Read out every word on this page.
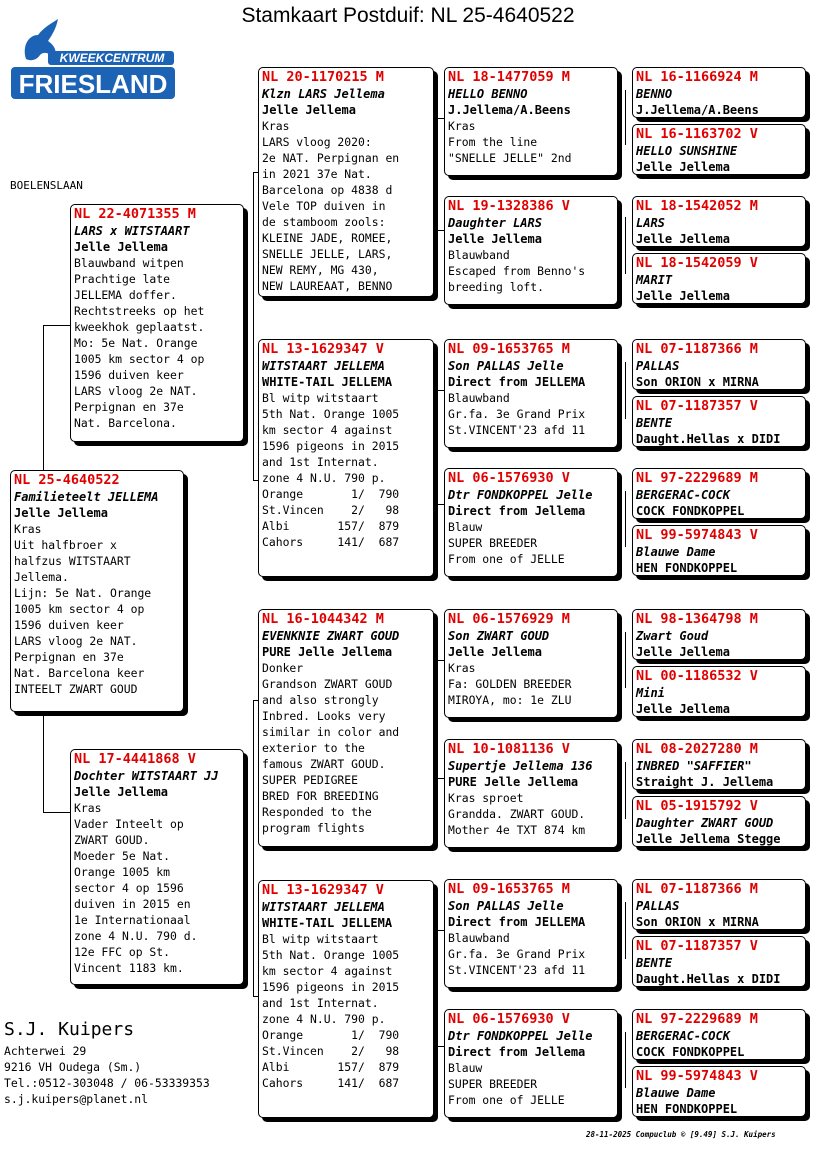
Stamkaart Postduif: NL 25-4640522
KWEEKCENTRUM
FRIESLAND
BOELENSLAAN
NL 25-4640522
Familieteelt JELLEMA
Jelle Jellema
Kras
Uit halfbroer x
halfzus WITSTAART
Jellema.
Lijn: 5e Nat. Orange
1005 km sector 4 op
1596 duiven keer
LARS vloog 2e NAT.
Perpignan en 37e
Nat. Barcelona keer
INTEELT ZWART GOUD
NL 22-4071355 M
LARS x WITSTAART
Jelle Jellema
Blauwband witpen
Prachtige late
JELLEMA doffer.
Rechtstreeks op het
kweekhok geplaatst.
Mo: 5e Nat. Orange
1005 km sector 4 op
1596 duiven keer
LARS vloog 2e NAT.
Perpignan en 37e
Nat. Barcelona.
NL 17-4441868 V
Dochter WITSTAART JJ
Jelle Jellema
Kras
Vader Inteelt op
ZWART GOUD.
Moeder 5e Nat.
Orange 1005 km
sector 4 op 1596
duiven in 2015 en
1e Internationaal
zone 4 N.U. 790 d.
12e FFC op St.
Vincent 1183 km.
NL 20-1170215 M
Klzn LARS Jellema
Jelle Jellema
Kras
LARS vloog 2020:
2e NAT. Perpignan en
in 2021 37e Nat.
Barcelona op 4838 d
Vele TOP duiven in
de stamboom zools:
KLEINE JADE, ROMEE,
SNELLE JELLE, LARS,
NEW REMY, MG 430,
NEW LAUREAAT, BENNO
NL 13-1629347 V
WITSTAART JELLEMA
WHITE-TAIL JELLEMA
Bl witp witstaart
5th Nat. Orange 1005
km sector 4 against
1596 pigeons in 2015
and 1st Internat.
zone 4 N.U. 790 p.
Orange       1/  790
St.Vincen    2/   98
Albi       157/  879
Cahors     141/  687
NL 16-1044342 M
EVENKNIE ZWART GOUD
PURE Jelle Jellema
Donker
Grandson ZWART GOUD
and also strongly
Inbred. Looks very
similar in color and
exterior to the
famous ZWART GOUD.
SUPER PEDIGREE
BRED FOR BREEDING
Responded to the
program flights
NL 13-1629347 V
WITSTAART JELLEMA
WHITE-TAIL JELLEMA
Bl witp witstaart
5th Nat. Orange 1005
km sector 4 against
1596 pigeons in 2015
and 1st Internat.
zone 4 N.U. 790 p.
Orange       1/  790
St.Vincen    2/   98
Albi       157/  879
Cahors     141/  687
NL 18-1477059 M
HELLO BENNO
J.Jellema/A.Beens
Kras
From the line
"SNELLE JELLE" 2nd
NL 19-1328386 V
Daughter LARS
Jelle Jellema
Blauwband
Escaped from Benno's
breeding loft.
NL 09-1653765 M
Son PALLAS Jelle
Direct from JELLEMA
Blauwband
Gr.fa. 3e Grand Prix
St.VINCENT'23 afd 11
NL 06-1576930 V
Dtr FONDKOPPEL Jelle
Direct from Jellema
Blauw
SUPER BREEDER
From one of JELLE
NL 06-1576929 M
Son ZWART GOUD
Jelle Jellema
Kras
Fa: GOLDEN BREEDER
MIROYA, mo: 1e ZLU
NL 10-1081136 V
Supertje Jellema 136
PURE Jelle Jellema
Kras sproet
Grandda. ZWART GOUD.
Mother 4e TXT 874 km
NL 09-1653765 M
Son PALLAS Jelle
Direct from JELLEMA
Blauwband
Gr.fa. 3e Grand Prix
St.VINCENT'23 afd 11
NL 06-1576930 V
Dtr FONDKOPPEL Jelle
Direct from Jellema
Blauw
SUPER BREEDER
From one of JELLE
NL 16-1166924 M
BENNO
J.Jellema/A.Beens
NL 16-1163702 V
HELLO SUNSHINE
Jelle Jellema
NL 18-1542052 M
LARS
Jelle Jellema
NL 18-1542059 V
MARIT
Jelle Jellema
NL 07-1187366 M
PALLAS
Son ORION x MIRNA
NL 07-1187357 V
BENTE
Daught.Hellas x DIDI
NL 97-2229689 M
BERGERAC-COCK
COCK FONDKOPPEL
NL 99-5974843 V
Blauwe Dame
HEN FONDKOPPEL
NL 98-1364798 M
Zwart Goud
Jelle Jellema
NL 00-1186532 V
Mini
Jelle Jellema
NL 08-2027280 M
INBRED "SAFFIER"
Straight J. Jellema
NL 05-1915792 V
Daughter ZWART GOUD
Jelle Jellema Stegge
NL 07-1187366 M
PALLAS
Son ORION x MIRNA
NL 07-1187357 V
BENTE
Daught.Hellas x DIDI
NL 97-2229689 M
BERGERAC-COCK
COCK FONDKOPPEL
NL 99-5974843 V
Blauwe Dame
HEN FONDKOPPEL
S.J. Kuipers
Achterwei 29
9216 VH Oudega (Sm.)
Tel.:0512-303048 / 06-53339353
s.j.kuipers@planet.nl
28-11-2025 Compuclub © [9.49] S.J. Kuipers
